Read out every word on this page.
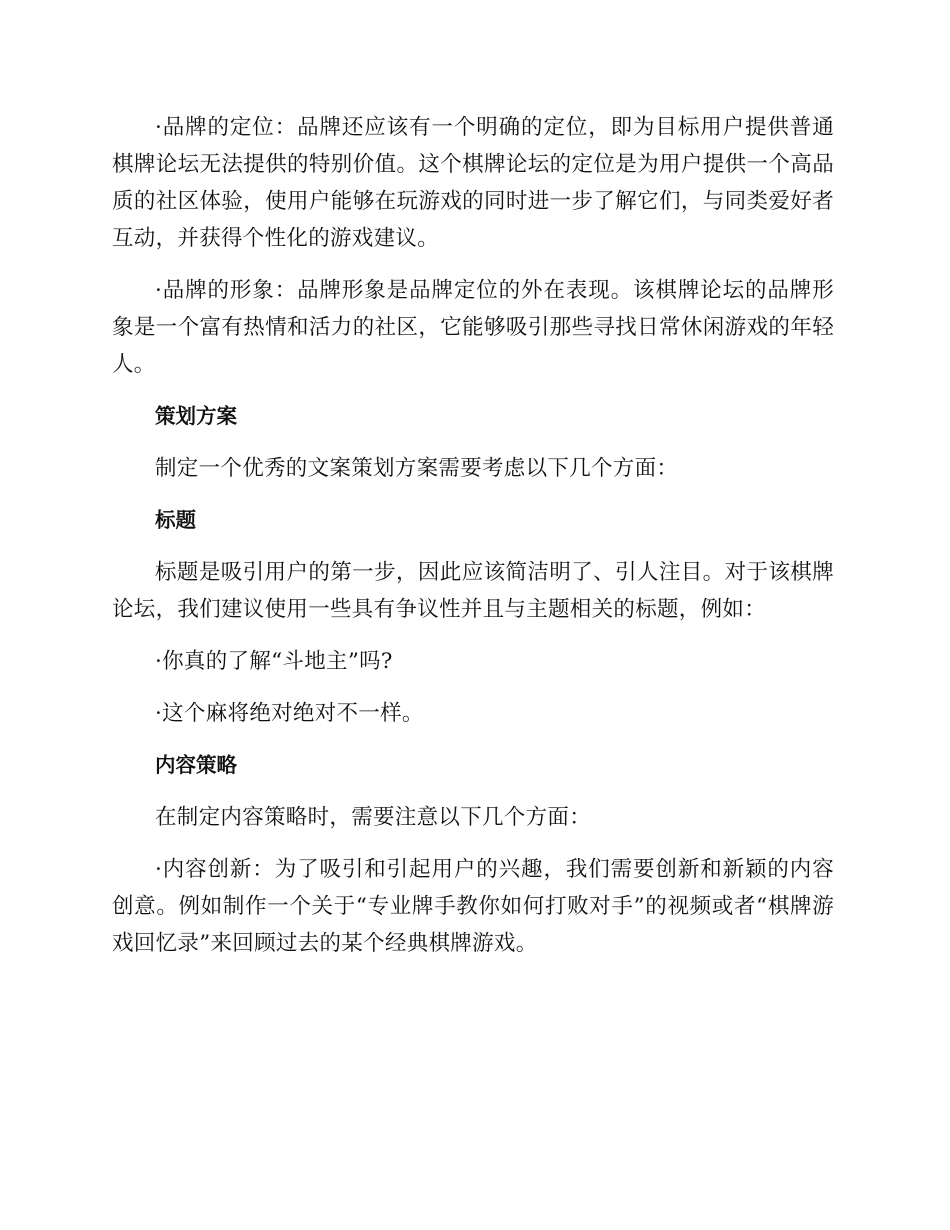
·品牌的定位：品牌还应该有一个明确的定位，即为目标用户提供普通棋牌论坛无法提供的特别价值。这个棋牌论坛的定位是为用户提供一个高品质的社区体验，使用户能够在玩游戏的同时进一步了解它们，与同类爱好者互动，并获得个性化的游戏建议。

·品牌的形象：品牌形象是品牌定位的外在表现。该棋牌论坛的品牌形象是一个富有热情和活力的社区，它能够吸引那些寻找日常休闲游戏的年轻人。

策划方案

制定一个优秀的文案策划方案需要考虑以下几个方面：

标题

标题是吸引用户的第一步，因此应该简洁明了、引人注目。对于该棋牌论坛，我们建议使用一些具有争议性并且与主题相关的标题，例如：

·你真的了解“斗地主”吗?

·这个麻将绝对绝对不一样。

内容策略

在制定内容策略时，需要注意以下几个方面：

·内容创新：为了吸引和引起用户的兴趣，我们需要创新和新颖的内容创意。例如制作一个关于“专业牌手教你如何打败对手”的视频或者“棋牌游戏回忆录”来回顾过去的某个经典棋牌游戏。
